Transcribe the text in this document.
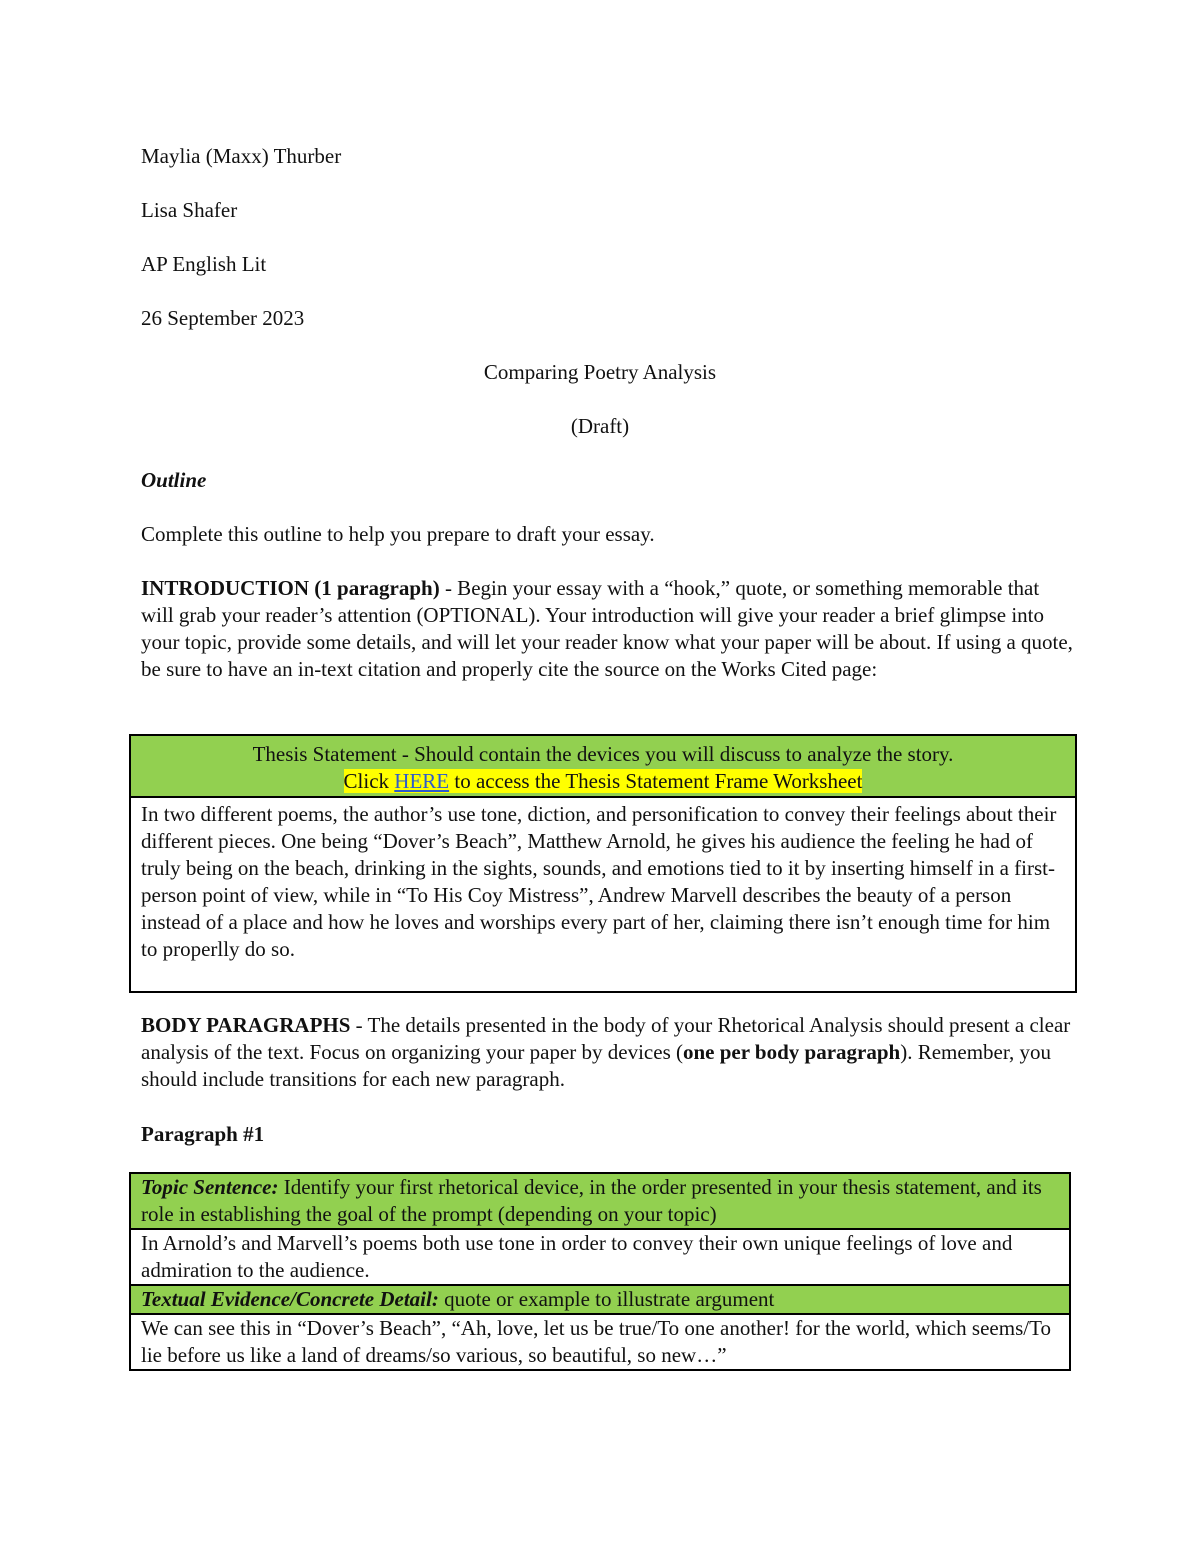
Maylia (Maxx) Thurber
Lisa Shafer
AP English Lit
26 September 2023
Comparing Poetry Analysis
(Draft)
Outline
Complete this outline to help you prepare to draft your essay.
INTRODUCTION (1 paragraph) - Begin your essay with a “hook,” quote, or something memorable that will grab your reader’s attention (OPTIONAL). Your introduction will give your reader a brief glimpse into your topic, provide some details, and will let your reader know what your paper will be about. If using a quote, be sure to have an in-text citation and properly cite the source on the Works Cited page:
Thesis Statement - Should contain the devices you will discuss to analyze the story.
Click HERE to access the Thesis Statement Frame Worksheet

In two different poems, the author’s use tone, diction, and personification to convey their feelings about their different pieces. One being “Dover’s Beach”, Matthew Arnold, he gives his audience the feeling he had of truly being on the beach, drinking in the sights, sounds, and emotions tied to it by inserting himself in a first-person point of view, while in “To His Coy Mistress”, Andrew Marvell describes the beauty of a person instead of a place and how he loves and worships every part of her, claiming there isn’t enough time for him to properlly do so.
BODY PARAGRAPHS - The details presented in the body of your Rhetorical Analysis should present a clear analysis of the text. Focus on organizing your paper by devices (one per body paragraph). Remember, you should include transitions for each new paragraph.
Paragraph #1
Topic Sentence: Identify your first rhetorical device, in the order presented in your thesis statement, and its role in establishing the goal of the prompt (depending on your topic)

In Arnold’s and Marvell’s poems both use tone in order to convey their own unique feelings of love and admiration to the audience.

Textual Evidence/Concrete Detail: quote or example to illustrate argument

We can see this in “Dover’s Beach”, “Ah, love, let us be true/To one another! for the world, which seems/To lie before us like a land of dreams/so various, so beautiful, so new…”
